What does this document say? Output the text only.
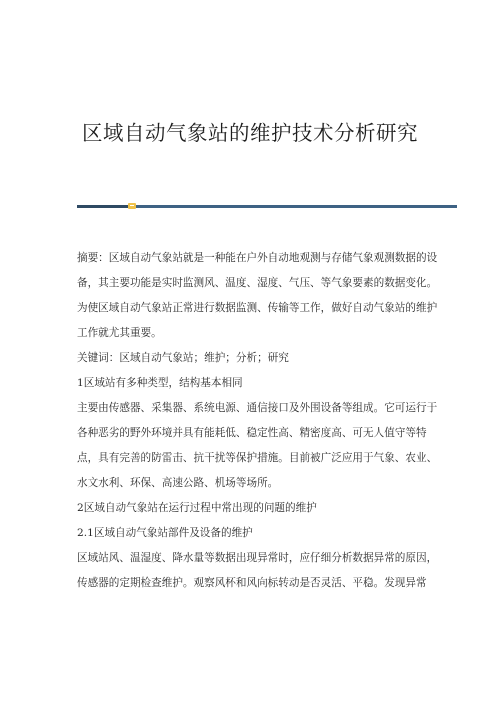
区域自动气象站的维护技术分析研究
摘要：区域自动气象站就是一种能在户外自动地观测与存储气象观测数据的设
备，其主要功能是实时监测风、温度、湿度、气压、等气象要素的数据变化。
为使区域自动气象站正常进行数据监测、传输等工作，做好自动气象站的维护
工作就尤其重要。
关键词：区域自动气象站；维护；分析；研究
1区域站有多种类型，结构基本相同
主要由传感器、采集器、系统电源、通信接口及外围设备等组成。它可运行于
各种恶劣的野外环境并具有能耗低、稳定性高、精密度高、可无人值守等特
点，具有完善的防雷击、抗干扰等保护措施。目前被广泛应用于气象、农业、
水文水利、环保、高速公路、机场等场所。
2区域自动气象站在运行过程中常出现的问题的维护
2.1区域自动气象站部件及设备的维护
区域站风、温湿度、降水量等数据出现异常时，应仔细分析数据异常的原因，
传感器的定期检查维护。观察风杯和风向标转动是否灵活、平稳。发现异常
